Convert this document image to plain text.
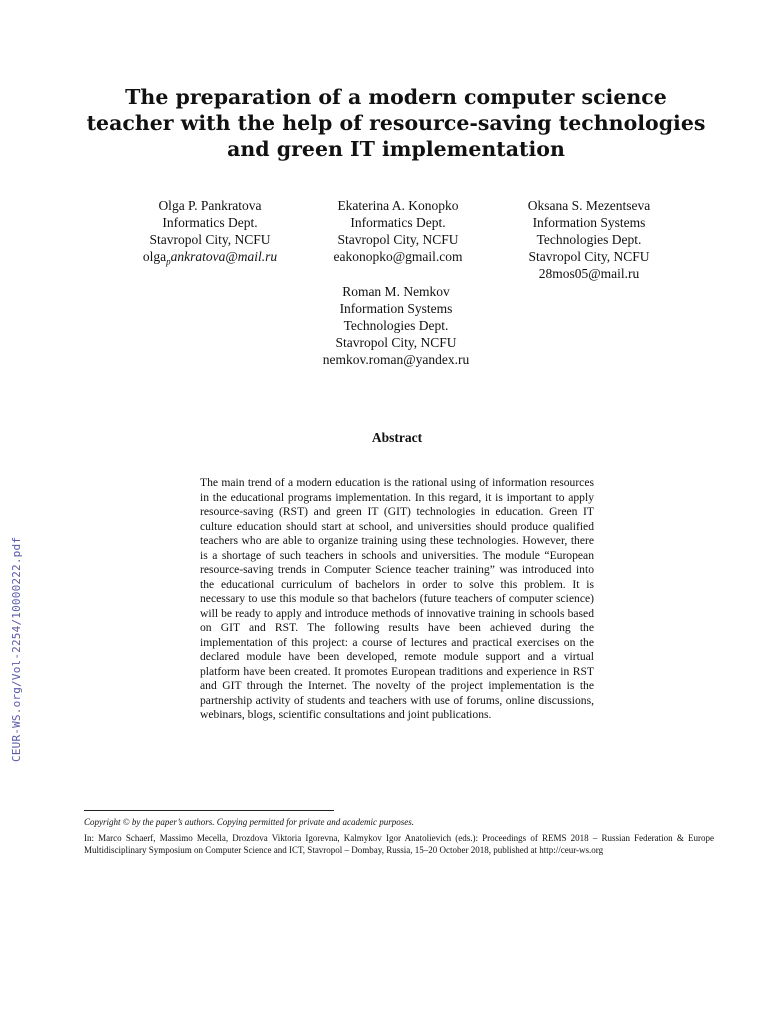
CEUR-WS.org/Vol-2254/10000222.pdf
The preparation of a modern computer science teacher with the help of resource-saving technologies and green IT implementation
Olga P. Pankratova
Informatics Dept.
Stavropol City, NCFU
olga$_p$ankratova@mail.ru
Ekaterina A. Konopko
Informatics Dept.
Stavropol City, NCFU
eakonopko@gmail.com
Oksana S. Mezentseva
Information Systems
Technologies Dept.
Stavropol City, NCFU
28mos05@mail.ru
Roman M. Nemkov
Information Systems
Technologies Dept.
Stavropol City, NCFU
nemkov.roman@yandex.ru
Abstract
The main trend of a modern education is the rational using of information resources in the educational programs implementation. In this regard, it is important to apply resource-saving (RST) and green IT (GIT) technologies in education. Green IT culture education should start at school, and universities should produce qualified teachers who are able to organize training using these technologies. However, there is a shortage of such teachers in schools and universities. The module “European resource-saving trends in Computer Science teacher training” was introduced into the educational curriculum of bachelors in order to solve this problem. It is necessary to use this module so that bachelors (future teachers of computer science) will be ready to apply and introduce methods of innovative training in schools based on GIT and RST. The following results have been achieved during the implementation of this project: a course of lectures and practical exercises on the declared module have been developed, remote module support and a virtual platform have been created. It promotes European traditions and experience in RST and GIT through the Internet. The novelty of the project implementation is the partnership activity of students and teachers with use of forums, online discussions, webinars, blogs, scientific consultations and joint publications.
Copyright © by the paper’s authors. Copying permitted for private and academic purposes.
In: Marco Schaerf, Massimo Mecella, Drozdova Viktoria Igorevna, Kalmykov Igor Anatolievich (eds.): Proceedings of REMS 2018 – Russian Federation & Europe Multidisciplinary Symposium on Computer Science and ICT, Stavropol – Dombay, Russia, 15–20 October 2018, published at http://ceur-ws.org
